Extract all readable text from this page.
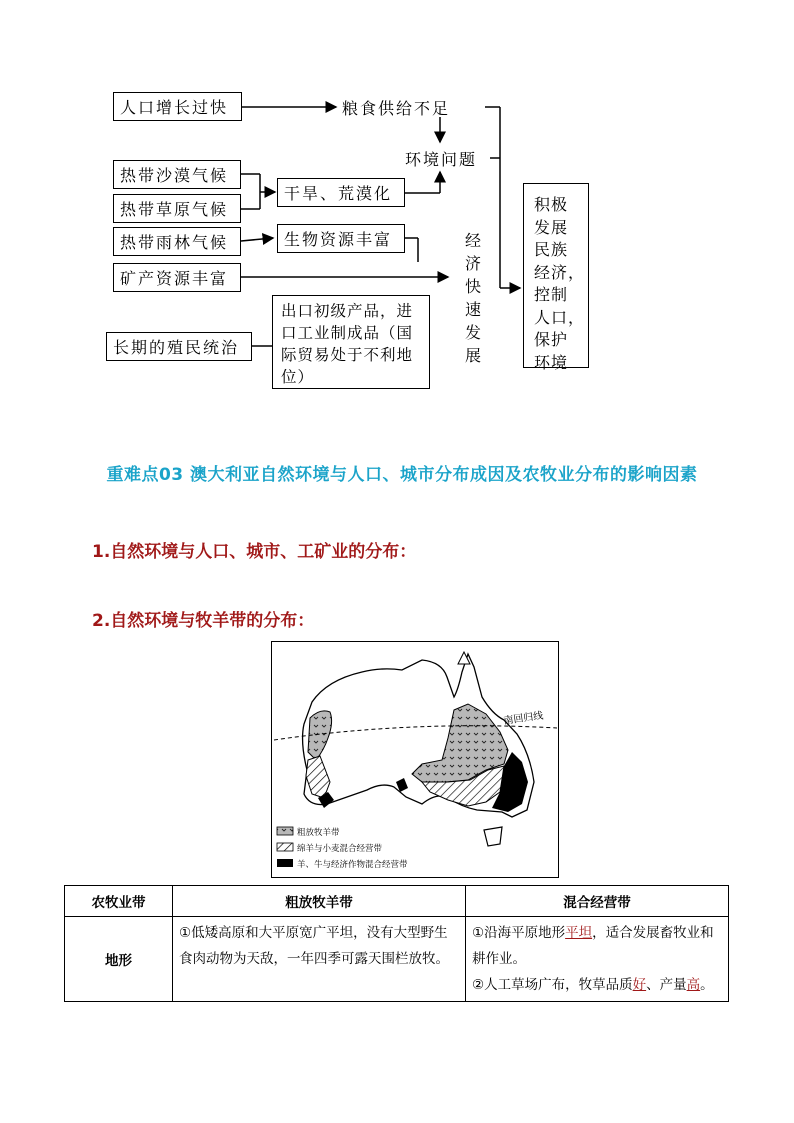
人口增长过快	粮食供给不足
环境问题
热带沙漠气候
热带草原气候
热带雨林气候
矿产资源丰富
长期的殖民统治
干旱、荒漠化
生物资源丰富
出口初级产品，进口工业制成品（国际贸易处于不利地位）
经济快速发展
积极
发展
民族
经济，
控制
人口，
保护
环境
重难点03 澳大利亚自然环境与人口、城市分布成因及农牧业分布的影响因素
1.自然环境与人口、城市、工矿业的分布：
2.自然环境与牧羊带的分布：
南回归线
粗放牧羊带
绵羊与小麦混合经营带
羊、牛与经济作物混合经营带
农牧业带	粗放牧羊带	混合经营带
地形	①低矮高原和大平原宽广平坦，没有大型野生食肉动物为天敌，一年四季可露天围栏放牧。	①沿海平原地形平坦，适合发展畜牧业和耕作业。
②人工草场广布，牧草品质好、产量高。
